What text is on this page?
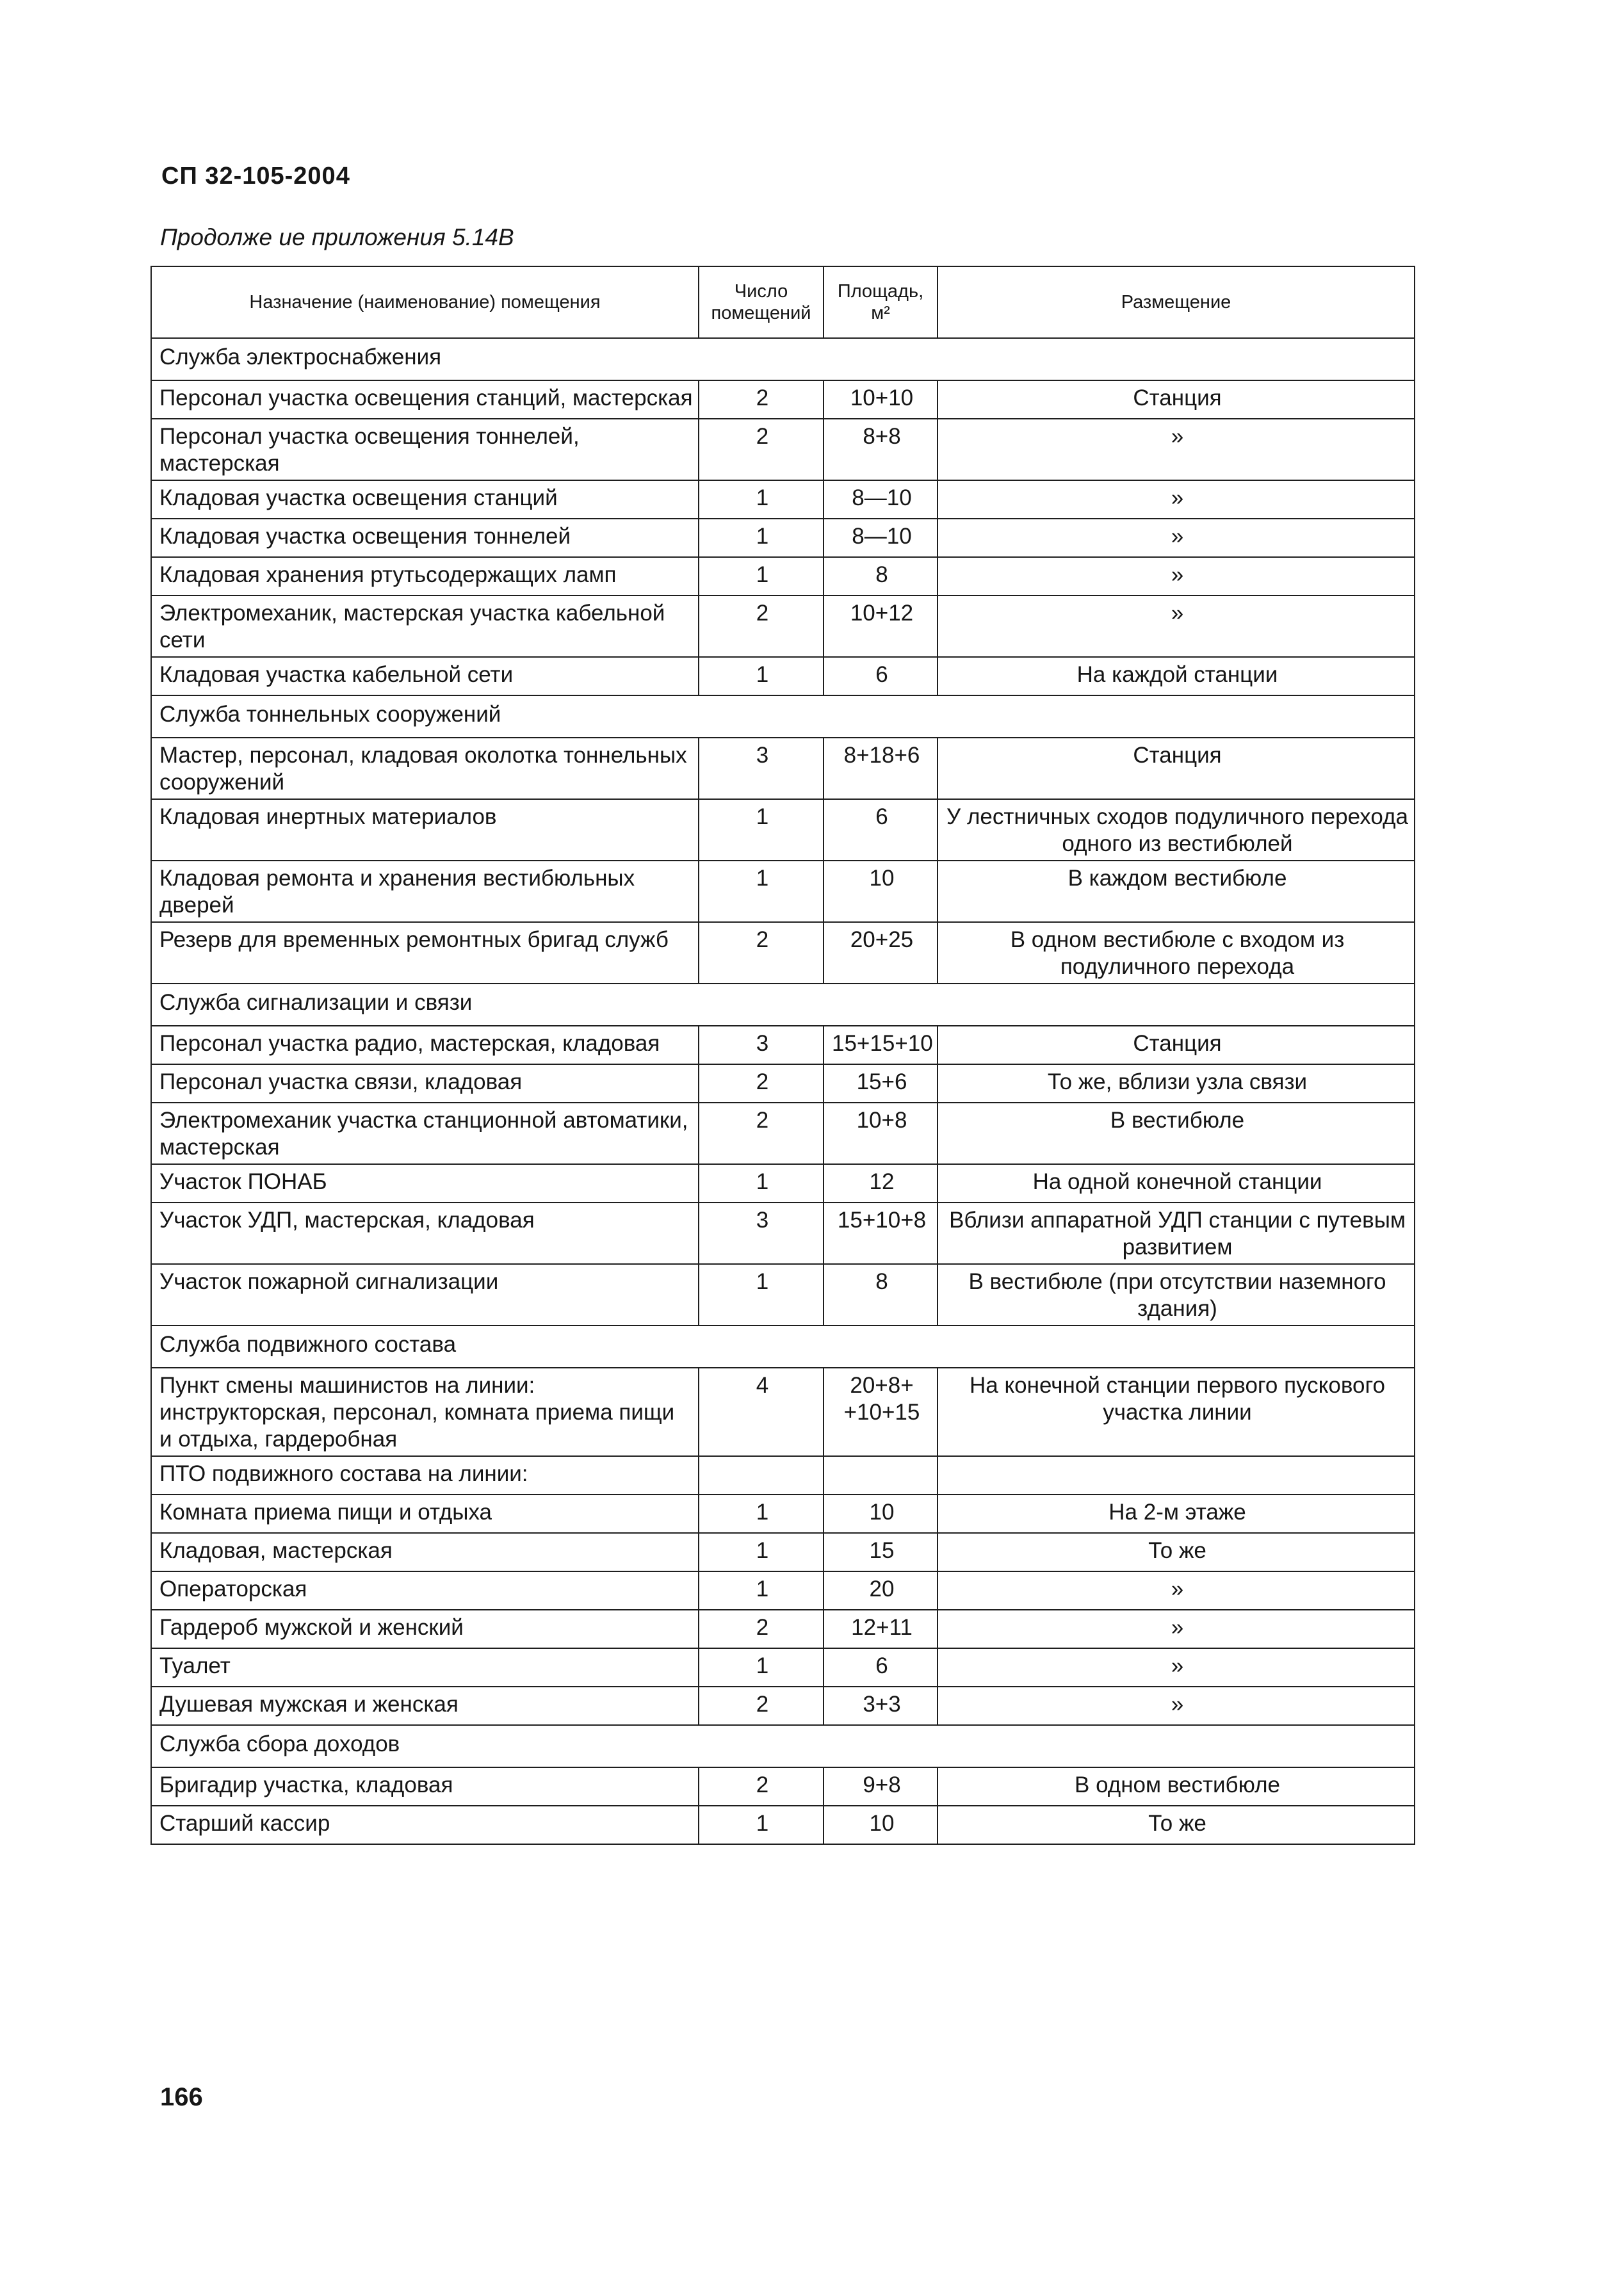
СП 32-105-2004
Продолже ие приложения 5.14В
Назначение (наименование) помещения	Число помещений	Площадь, м²	Размещение
Служба электроснабжения			
Персонал участка освещения станций, мастерская	2	10+10	Станция
Персонал участка освещения тоннелей, мастерская	2	8+8	»
Кладовая участка освещения станций	1	8—10	»
Кладовая участка освещения тоннелей	1	8—10	»
Кладовая хранения ртутьсодержащих ламп	1	8	»
Электромеханик, мастерская участка кабельной сети	2	10+12	»
Кладовая участка кабельной сети	1	6	На каждой станции
Служба тоннельных сооружений			
Мастер, персонал, кладовая околотка тоннельных сооружений	3	8+18+6	Станция
Кладовая инертных материалов	1	6	У лестничных сходов подуличного перехода одного из вестибюлей
Кладовая ремонта и хранения вестибюльных дверей	1	10	В каждом вестибюле
Резерв для временных ремонтных бригад служб	2	20+25	В одном вестибюле с входом из подуличного перехода
Служба сигнализации и связи			
Персонал участка радио, мастерская, кладовая	3	15+15+10	Станция
Персонал участка связи, кладовая	2	15+6	То же, вблизи узла связи
Электромеханик участка станционной автоматики, мастерская	2	10+8	В вестибюле
Участок ПОНАБ	1	12	На одной конечной станции
Участок УДП, мастерская, кладовая	3	15+10+8	Вблизи аппаратной УДП станции с путевым развитием
Участок пожарной сигнализации	1	8	В вестибюле (при отсутствии наземного здания)
Служба подвижного состава			
Пункт смены машинистов на линии: инструкторская, персонал, комната приема пищи и отдыха, гардеробная	4	20+8+ +10+15	На конечной станции первого пускового участка линии
ПТО подвижного состава на линии:			
Комната приема пищи и отдыха	1	10	На 2-м этаже
Кладовая, мастерская	1	15	То же
Операторская	1	20	»
Гардероб мужской и женский	2	12+11	»
Туалет	1	6	»
Душевая мужская и женская	2	3+3	»
Служба сбора доходов			
Бригадир участка, кладовая	2	9+8	В одном вестибюле
Старший кассир	1	10	То же
166
